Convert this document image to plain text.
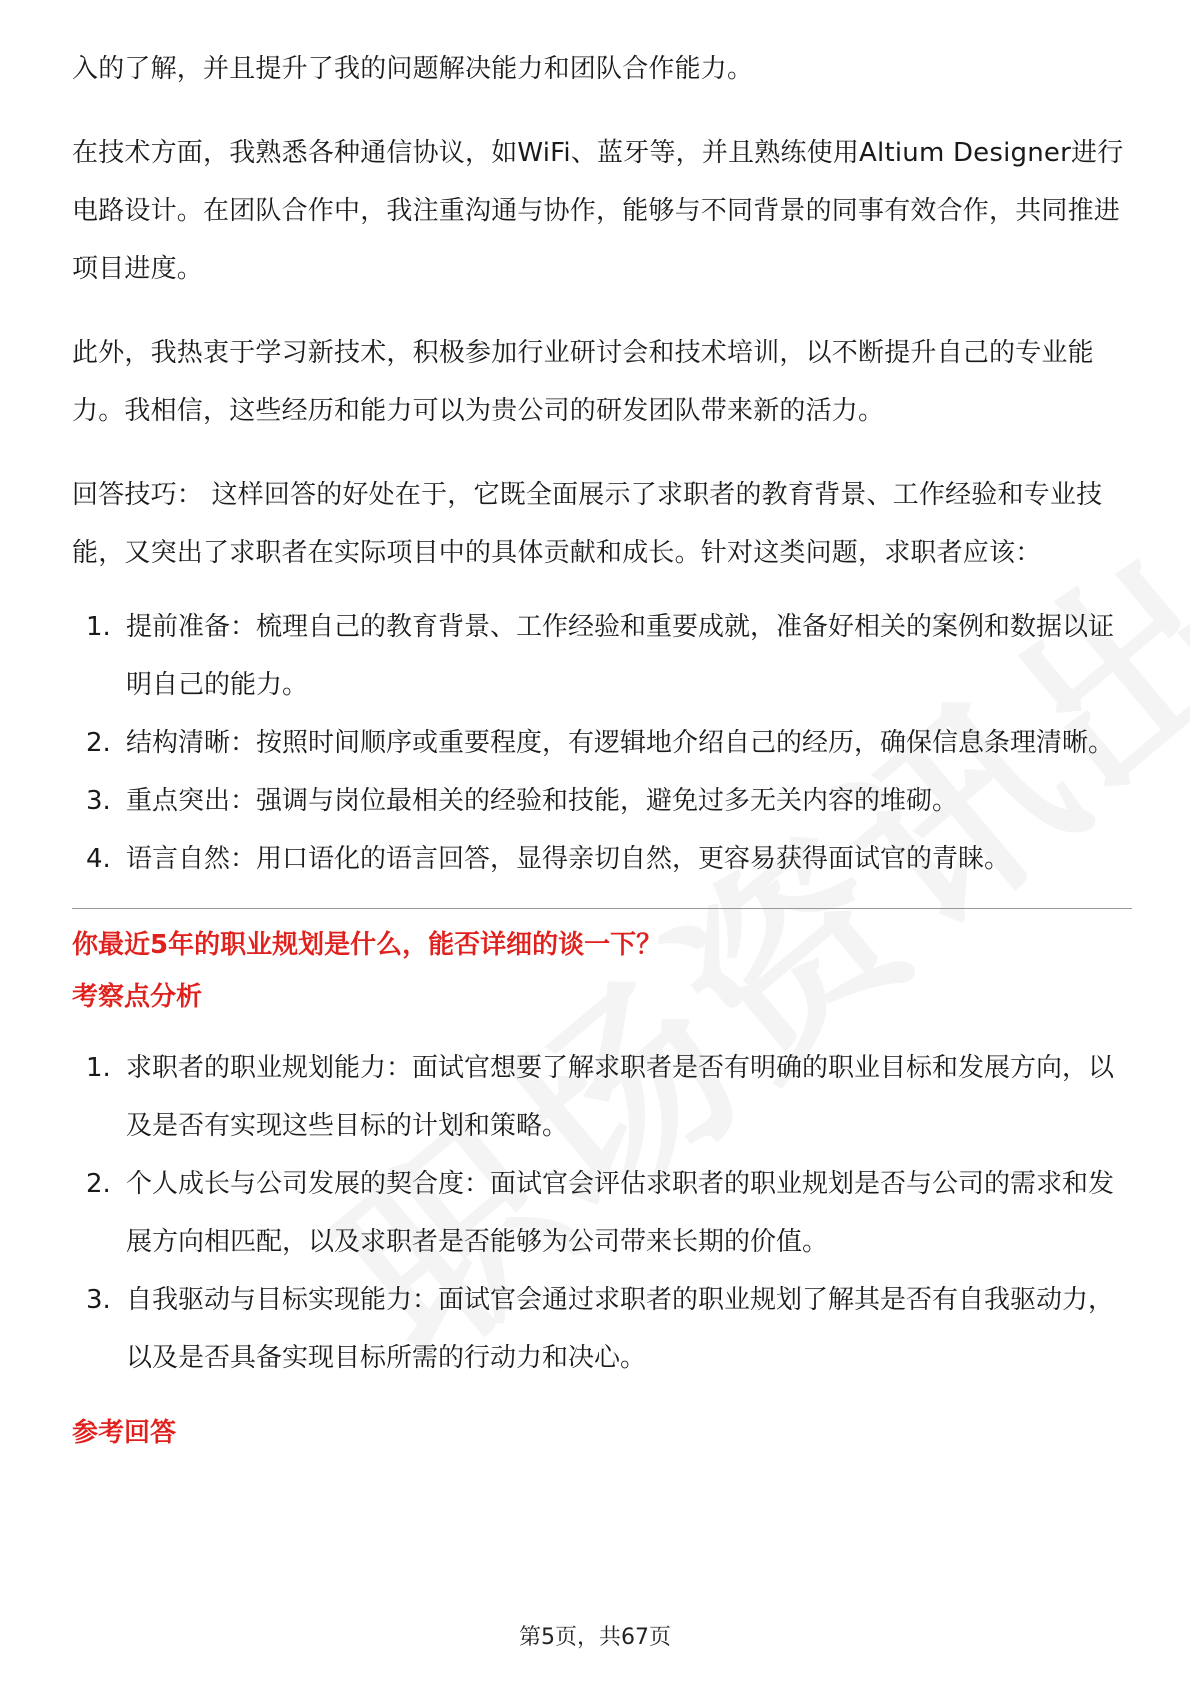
入的了解，并且提升了我的问题解决能力和团队合作能力。

在技术方面，我熟悉各种通信协议，如WiFi、蓝牙等，并且熟练使用Altium Designer进行电路设计。在团队合作中，我注重沟通与协作，能够与不同背景的同事有效合作，共同推进项目进度。

此外，我热衷于学习新技术，积极参加行业研讨会和技术培训，以不断提升自己的专业能力。我相信，这些经历和能力可以为贵公司的研发团队带来新的活力。

回答技巧： 这样回答的好处在于，它既全面展示了求职者的教育背景、工作经验和专业技能，又突出了求职者在实际项目中的具体贡献和成长。针对这类问题，求职者应该：

1. 提前准备：梳理自己的教育背景、工作经验和重要成就，准备好相关的案例和数据以证明自己的能力。
2. 结构清晰：按照时间顺序或重要程度，有逻辑地介绍自己的经历，确保信息条理清晰。
3. 重点突出：强调与岗位最相关的经验和技能，避免过多无关内容的堆砌。
4. 语言自然：用口语化的语言回答，显得亲切自然，更容易获得面试官的青睐。

你最近5年的职业规划是什么，能否详细的谈一下？

考察点分析

1. 求职者的职业规划能力：面试官想要了解求职者是否有明确的职业目标和发展方向，以及是否有实现这些目标的计划和策略。
2. 个人成长与公司发展的契合度：面试官会评估求职者的职业规划是否与公司的需求和发展方向相匹配，以及求职者是否能够为公司带来长期的价值。
3. 自我驱动与目标实现能力：面试官会通过求职者的职业规划了解其是否有自我驱动力，以及是否具备实现目标所需的行动力和决心。

参考回答

第5页，共67页
